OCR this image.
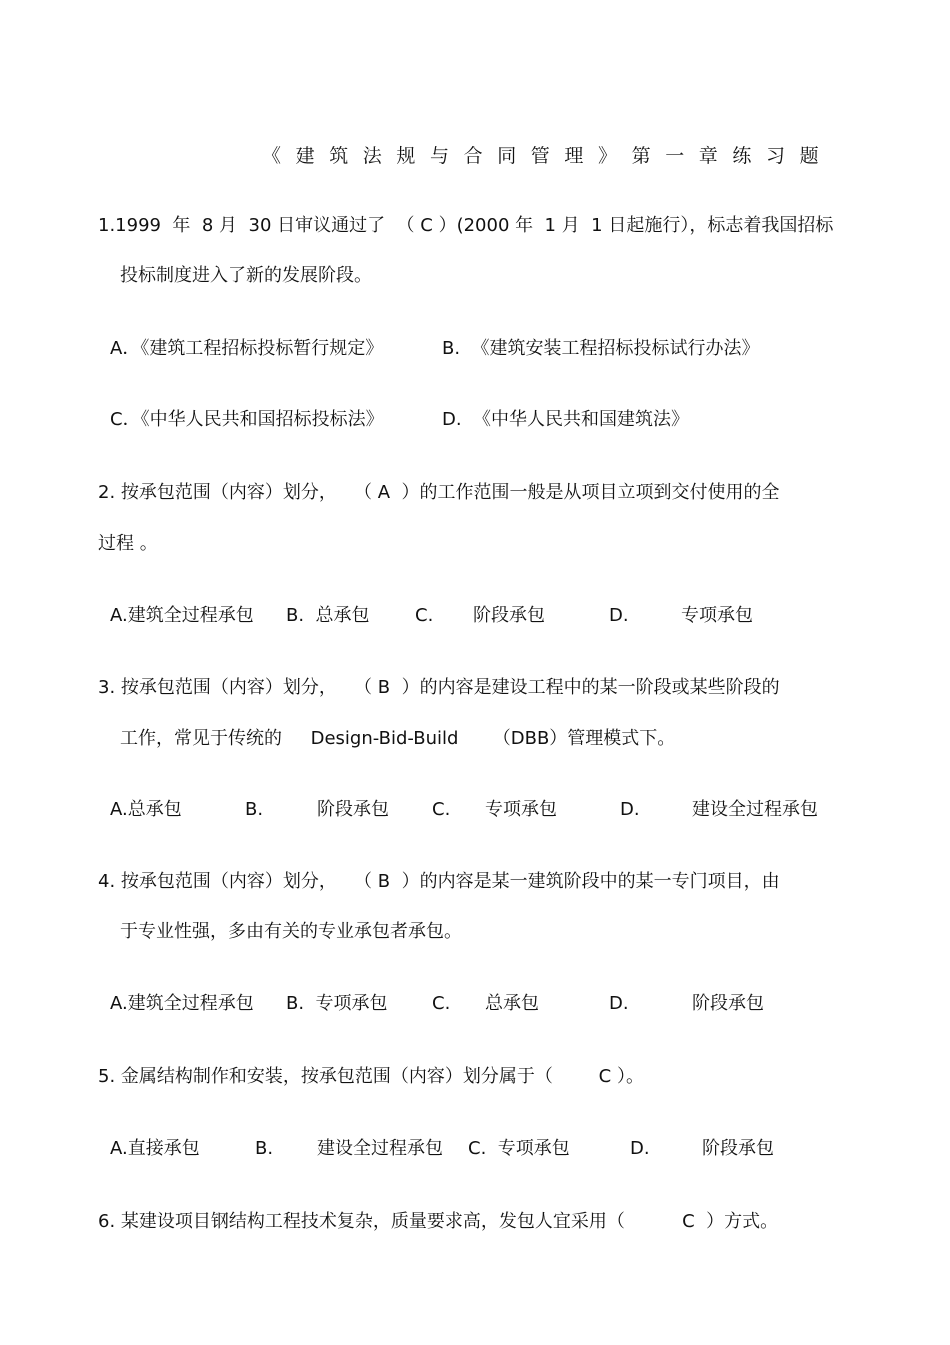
《建筑法规与合同管理》第一章练习题
1.1999  年  8 月  30 日审议通过了  （ C ）(2000 年  1 月  1 日起施行），标志着我国招标
投标制度进入了新的发展阶段。
A．《建筑工程招标投标暂行规定》	B.  《建筑安装工程招标投标试行办法》
C．《中华人民共和国招标投标法》	D.  《中华人民共和国建筑法》
2. 按承包范围（内容）划分，   （ A  ）的工作范围一般是从项目立项到交付使用的全
过程 。
A.建筑全过程承包 B.  总承包	C. 阶段承包	D.	专项承包
3. 按承包范围（内容）划分，   （ B  ）的内容是建设工程中的某一阶段或某些阶段的
工作，常见于传统的     Design-Bid-Build      （DBB）管理模式下。
A.总承包	B.	阶段承包 C. 专项承包	D.	建设全过程承包
4. 按承包范围（内容）划分，   （ B  ）的内容是某一建筑阶段中的某一专门项目，由
于专业性强，多由有关的专业承包者承包。
A.建筑全过程承包 B.  专项承包 C. 总承包	D.	阶段承包
5. 金属结构制作和安装，按承包范围（内容）划分属于（        C ）。
A.直接承包	B. 建设全过程承包 C.  专项承包	D.	阶段承包
6. 某建设项目钢结构工程技术复杂，质量要求高，发包人宜采用（          C  ）方式。
